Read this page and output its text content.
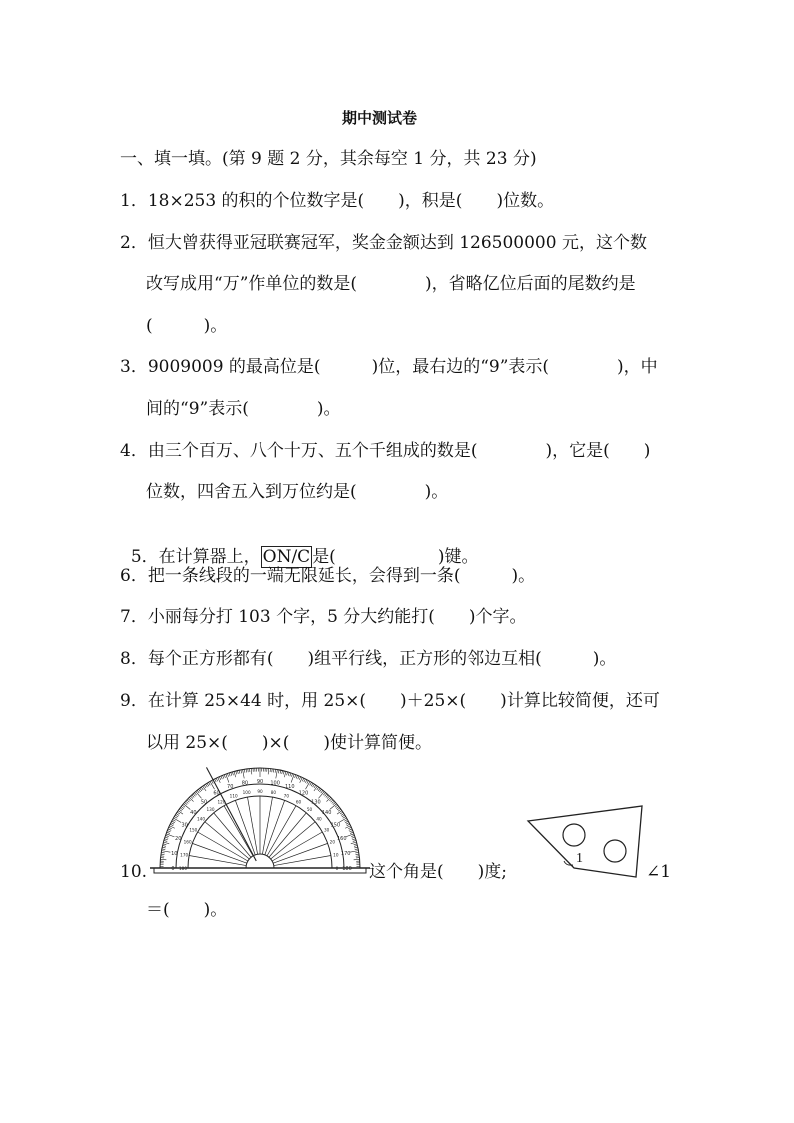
期中测试卷
一、填一填。(第 9 题 2 分，其余每空 1 分，共 23 分)
1．18×253 的积的个位数字是(　　)，积是(　　)位数。
2．恒大曾获得亚冠联赛冠军，奖金金额达到 126500000 元，这个数
改写成用“万”作单位的数是(　　　　)，省略亿位后面的尾数约是
(　　　)。
3．9009009 的最高位是(　　　)位，最右边的“9”表示(　　　　)，中
间的“9”表示(　　　　)。
4．由三个百万、八个十万、五个千组成的数是(　　　　)，它是(　　)
位数，四舍五入到万位约是(　　　　)。

5．在计算器上， ON/C 是(　　　　　　)键。

6．把一条线段的一端无限延长，会得到一条(　　　)。
7．小丽每分打 103 个字，5 分大约能打(　　)个字。
8．每个正方形都有(　　)组平行线，正方形的邻边互相(　　　)。
9．在计算 25×44 时，用 25×(　　)＋25×(　　)计算比较简便，还可
以用 25×(　　)×(　　)使计算简便。
0
10
20
30
40
50
60
70
80 90 100
110
120
130
140
150
160
170
180
0
10
20
30
40
50
60
70
80
90
100
110
120
130
140
150
160
170
180
10.	这个角是(　　)度;
1
∠1
＝(　　)。
